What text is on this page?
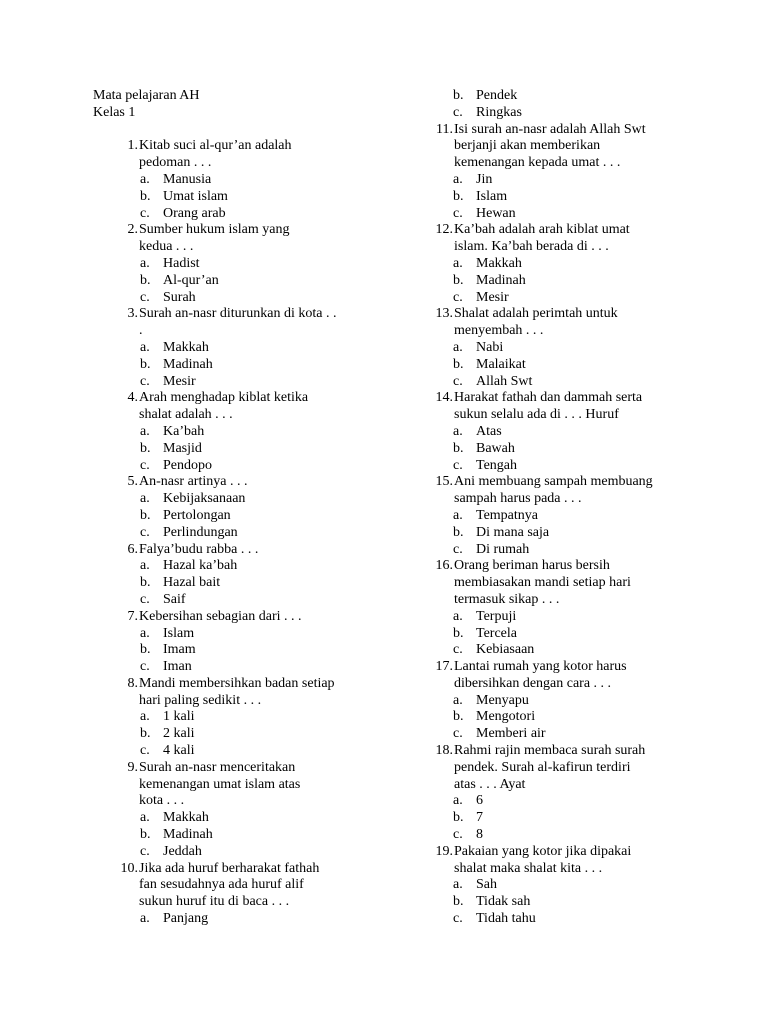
Mata pelajaran AH
Kelas 1
1. Kitab suci al-qur’an adalah
pedoman . . .
a. Manusia
b. Umat islam
c. Orang arab
2. Sumber hukum islam yang
kedua . . .
a. Hadist
b. Al-qur’an
c. Surah
3. Surah an-nasr diturunkan di kota . .
.
a. Makkah
b. Madinah
c. Mesir
4. Arah menghadap kiblat ketika
shalat adalah . . .
a. Ka’bah
b. Masjid
c. Pendopo
5. An-nasr artinya . . .
a. Kebijaksanaan
b. Pertolongan
c. Perlindungan
6. Falya’budu rabba . . .
a. Hazal ka’bah
b. Hazal bait
c. Saif
7. Kebersihan sebagian dari . . .
a. Islam
b. Imam
c. Iman
8. Mandi membersihkan badan setiap
hari paling sedikit . . .
a. 1 kali
b. 2 kali
c. 4 kali
9. Surah an-nasr menceritakan
kemenangan umat islam atas
kota . . .
a. Makkah
b. Madinah
c. Jeddah
10. Jika ada huruf berharakat fathah
fan sesudahnya ada huruf alif
sukun huruf itu di baca . . .
a. Panjang
b. Pendek
c. Ringkas
11. Isi surah an-nasr adalah Allah Swt
berjanji akan memberikan
kemenangan kepada umat . . .
a. Jin
b. Islam
c. Hewan
12. Ka’bah adalah arah kiblat umat
islam. Ka’bah berada di . . .
a. Makkah
b. Madinah
c. Mesir
13. Shalat adalah perimtah untuk
menyembah . . .
a. Nabi
b. Malaikat
c. Allah Swt
14. Harakat fathah dan dammah serta
sukun selalu ada di . . . Huruf
a. Atas
b. Bawah
c. Tengah
15. Ani membuang sampah membuang
sampah harus pada . . .
a. Tempatnya
b. Di mana saja
c. Di rumah
16. Orang beriman harus bersih
membiasakan mandi setiap hari
termasuk sikap . . .
a. Terpuji
b. Tercela
c. Kebiasaan
17. Lantai rumah yang kotor harus
dibersihkan dengan cara . . .
a. Menyapu
b. Mengotori
c. Memberi air
18. Rahmi rajin membaca surah surah
pendek. Surah al-kafirun terdiri
atas . . . Ayat
a. 6
b. 7
c. 8
19. Pakaian yang kotor jika dipakai
shalat maka shalat kita . . .
a. Sah
b. Tidak sah
c. Tidah tahu
